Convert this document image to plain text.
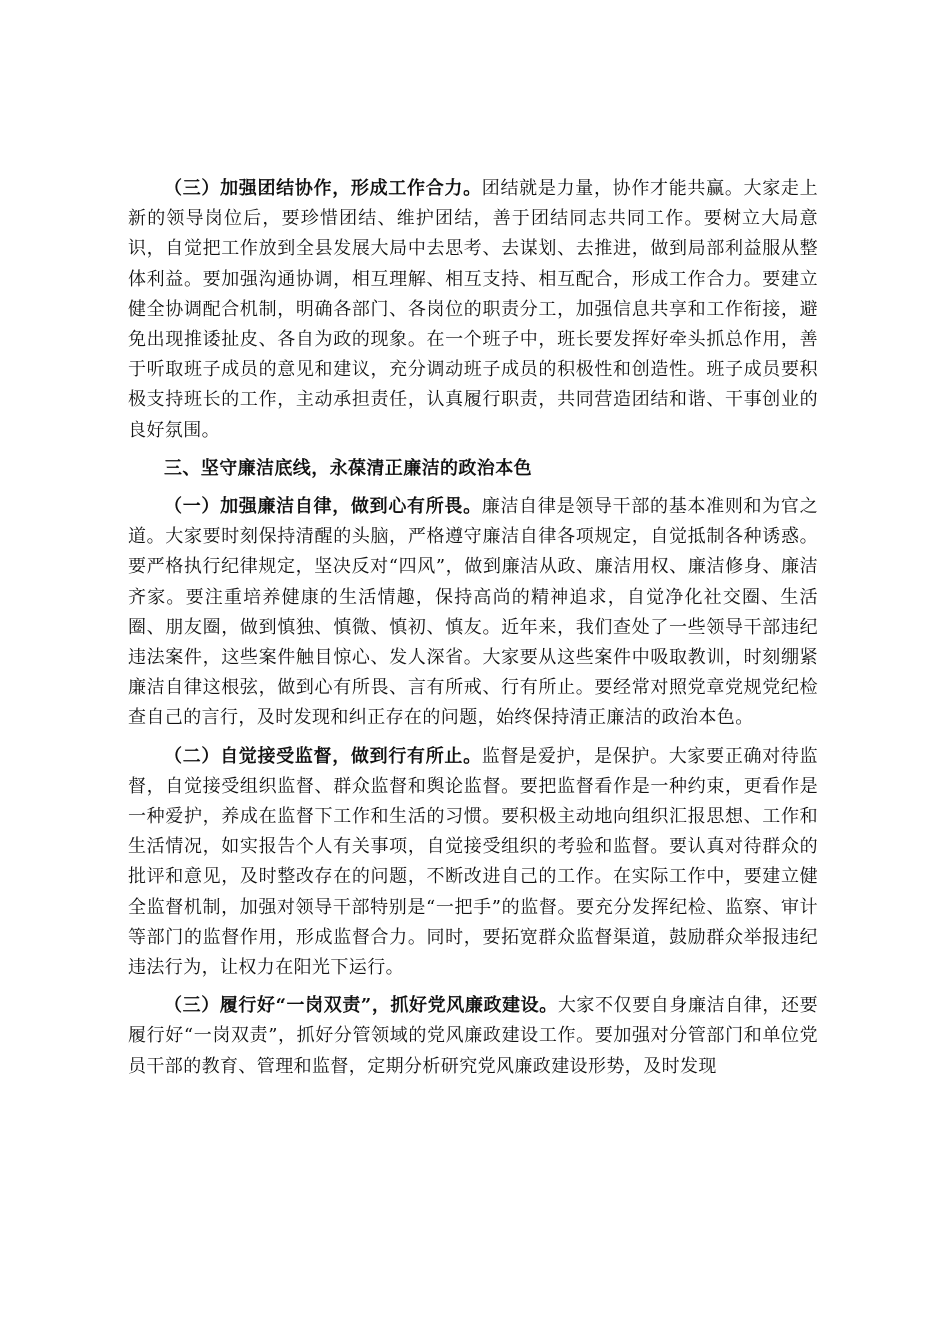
（三）加强团结协作，形成工作合力。团结就是力量，协作才能共赢。大家走上新的领导岗位后，要珍惜团结、维护团结，善于团结同志共同工作。要树立大局意识，自觉把工作放到全县发展大局中去思考、去谋划、去推进，做到局部利益服从整体利益。要加强沟通协调，相互理解、相互支持、相互配合，形成工作合力。要建立健全协调配合机制，明确各部门、各岗位的职责分工，加强信息共享和工作衔接，避免出现推诿扯皮、各自为政的现象。在一个班子中，班长要发挥好牵头抓总作用，善于听取班子成员的意见和建议，充分调动班子成员的积极性和创造性。班子成员要积极支持班长的工作，主动承担责任，认真履行职责，共同营造团结和谐、干事创业的良好氛围。

三、坚守廉洁底线，永葆清正廉洁的政治本色

（一）加强廉洁自律，做到心有所畏。廉洁自律是领导干部的基本准则和为官之道。大家要时刻保持清醒的头脑，严格遵守廉洁自律各项规定，自觉抵制各种诱惑。要严格执行纪律规定，坚决反对“四风”，做到廉洁从政、廉洁用权、廉洁修身、廉洁齐家。要注重培养健康的生活情趣，保持高尚的精神追求，自觉净化社交圈、生活圈、朋友圈，做到慎独、慎微、慎初、慎友。近年来，我们查处了一些领导干部违纪违法案件，这些案件触目惊心、发人深省。大家要从这些案件中吸取教训，时刻绷紧廉洁自律这根弦，做到心有所畏、言有所戒、行有所止。要经常对照党章党规党纪检查自己的言行，及时发现和纠正存在的问题，始终保持清正廉洁的政治本色。

（二）自觉接受监督，做到行有所止。监督是爱护，是保护。大家要正确对待监督，自觉接受组织监督、群众监督和舆论监督。要把监督看作是一种约束，更看作是一种爱护，养成在监督下工作和生活的习惯。要积极主动地向组织汇报思想、工作和生活情况，如实报告个人有关事项，自觉接受组织的考验和监督。要认真对待群众的批评和意见，及时整改存在的问题，不断改进自己的工作。在实际工作中，要建立健全监督机制，加强对领导干部特别是“一把手”的监督。要充分发挥纪检、监察、审计等部门的监督作用，形成监督合力。同时，要拓宽群众监督渠道，鼓励群众举报违纪违法行为，让权力在阳光下运行。

（三）履行好“一岗双责”，抓好党风廉政建设。大家不仅要自身廉洁自律，还要履行好“一岗双责”，抓好分管领域的党风廉政建设工作。要加强对分管部门和单位党员干部的教育、管理和监督，定期分析研究党风廉政建设形势，及时发现
